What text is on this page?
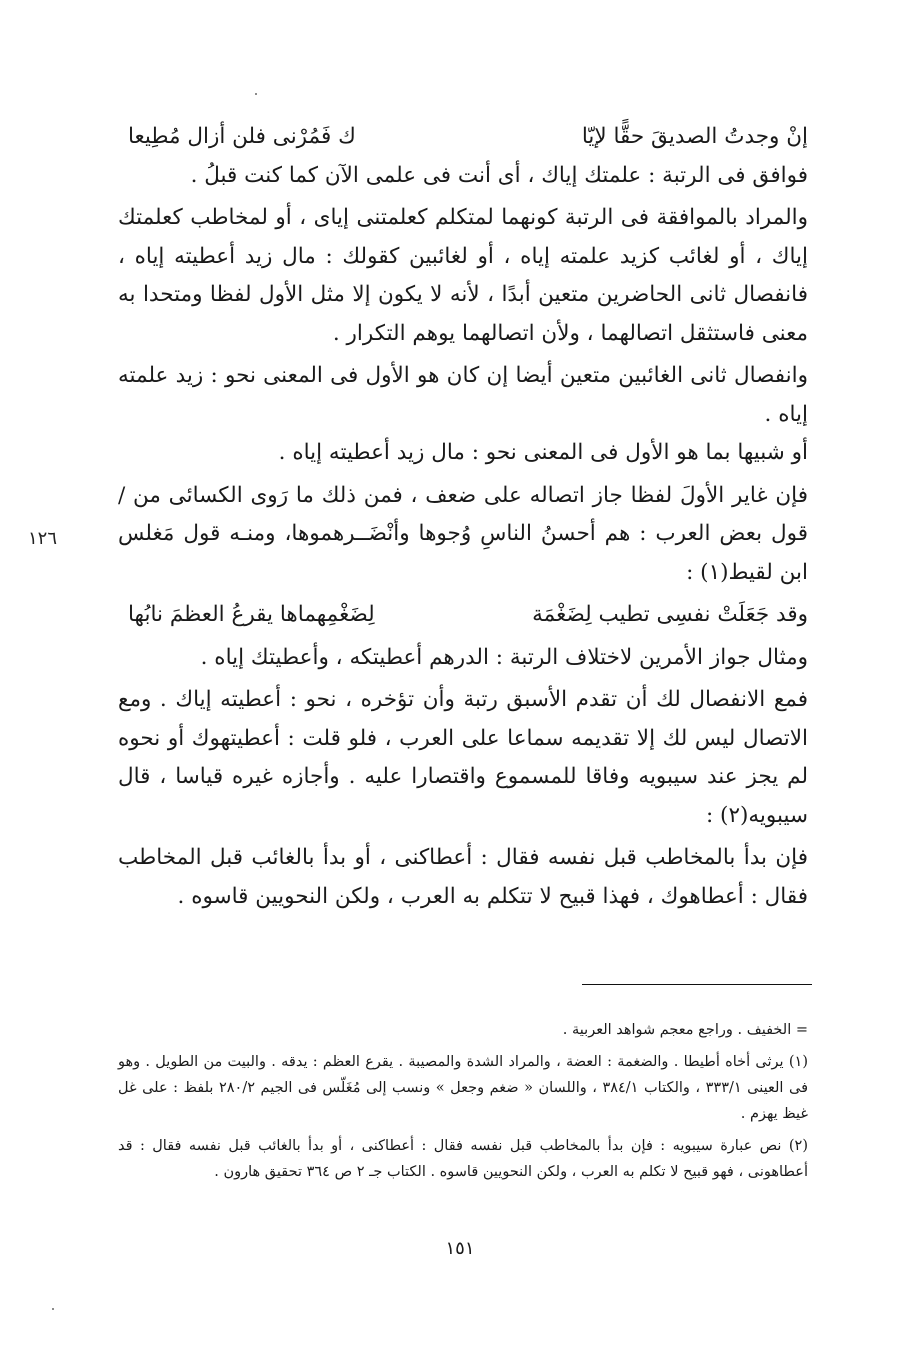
إنْ وجدتُ الصديقَ حقًّا لإيّا
ك فَمُرْنى فلن أزال مُطِيعا

فوافق فى الرتبة : علمتك إياك ، أى أنت فى علمى الآن كما كنت قبلُ .

والمراد بالموافقة فى الرتبة كونهما لمتكلم كعلمتنى إياى ، أو لمخاطب كعلمتك إياك ، أو لغائب كزيد علمته إياه ، أو لغائبين كقولك : مال زيد أعطيته إياه ، فانفصال ثانى الحاضرين متعين أبدًا ، لأنه لا يكون إلا مثل الأول لفظا ومتحدا به معنى فاستثقل اتصالهما ، ولأن اتصالهما يوهم التكرار .

وانفصال ثانى الغائبين متعين أيضا إن كان هو الأول فى المعنى نحو : زيد علمته إياه .

أو شبيها بما هو الأول فى المعنى نحو : مال زيد أعطيته إياه .

فإن غاير الأولَ لفظا جاز اتصاله على ضعف ، فمن ذلك ما رَوى الكسائى من / قول بعض العرب : هم أحسنُ الناسِ وُجوها وأنْضَــرهموها، ومنـه قول مَغلس ابن لقيط(١) :

وقد جَعَلَتْ نفسِى تطيب لِضَغْمَة
لِضَغْمِهماها يقرعُ العظمَ نابُها

ومثال جواز الأمرين لاختلاف الرتبة : الدرهم أعطيتكه ، وأعطيتك إياه .

فمع الانفصال لك أن تقدم الأسبق رتبة وأن تؤخره ، نحو : أعطيته إياك . ومع الاتصال ليس لك إلا تقديمه سماعا على العرب ، فلو قلت : أعطيتهوك أو نحوه لم يجز عند سيبويه وفاقا للمسموع واقتصارا عليه . وأجازه غيره قياسا ، قال سيبويه(٢) :

فإن بدأ بالمخاطب قبل نفسه فقال : أعطاكنى ، أو بدأ بالغائب قبل المخاطب فقال : أعطاهوك ، فهذا قبيح لا تتكلم به العرب ، ولكن النحويين قاسوه .

١٢٦

= الخفيف . وراجع معجم شواهد العربية .

(١) يرثى أخاه أطيطا . والضغمة : العضة ، والمراد الشدة والمصيبة . يقرع العظم : يدقه . والبيت من الطويل . وهو فى العينى ٣٣٣/١ ، والكتاب ٣٨٤/١ ، واللسان « ضغم وجعل » ونسب إلى مُغَلّس فى الجيم ٢٨٠/٢ بلفظ : على غل غيظ يهزم .

(٢) نص عبارة سيبويه : فإن بدأ بالمخاطب قبل نفسه فقال : أعطاكنى ، أو بدأ بالغائب قبل نفسه فقال : قد أعطاهونى ، فهو قبيح لا تكلم به العرب ، ولكن النحويين قاسوه . الكتاب جـ ٢ ص ٣٦٤ تحقيق هارون .

١٥١
